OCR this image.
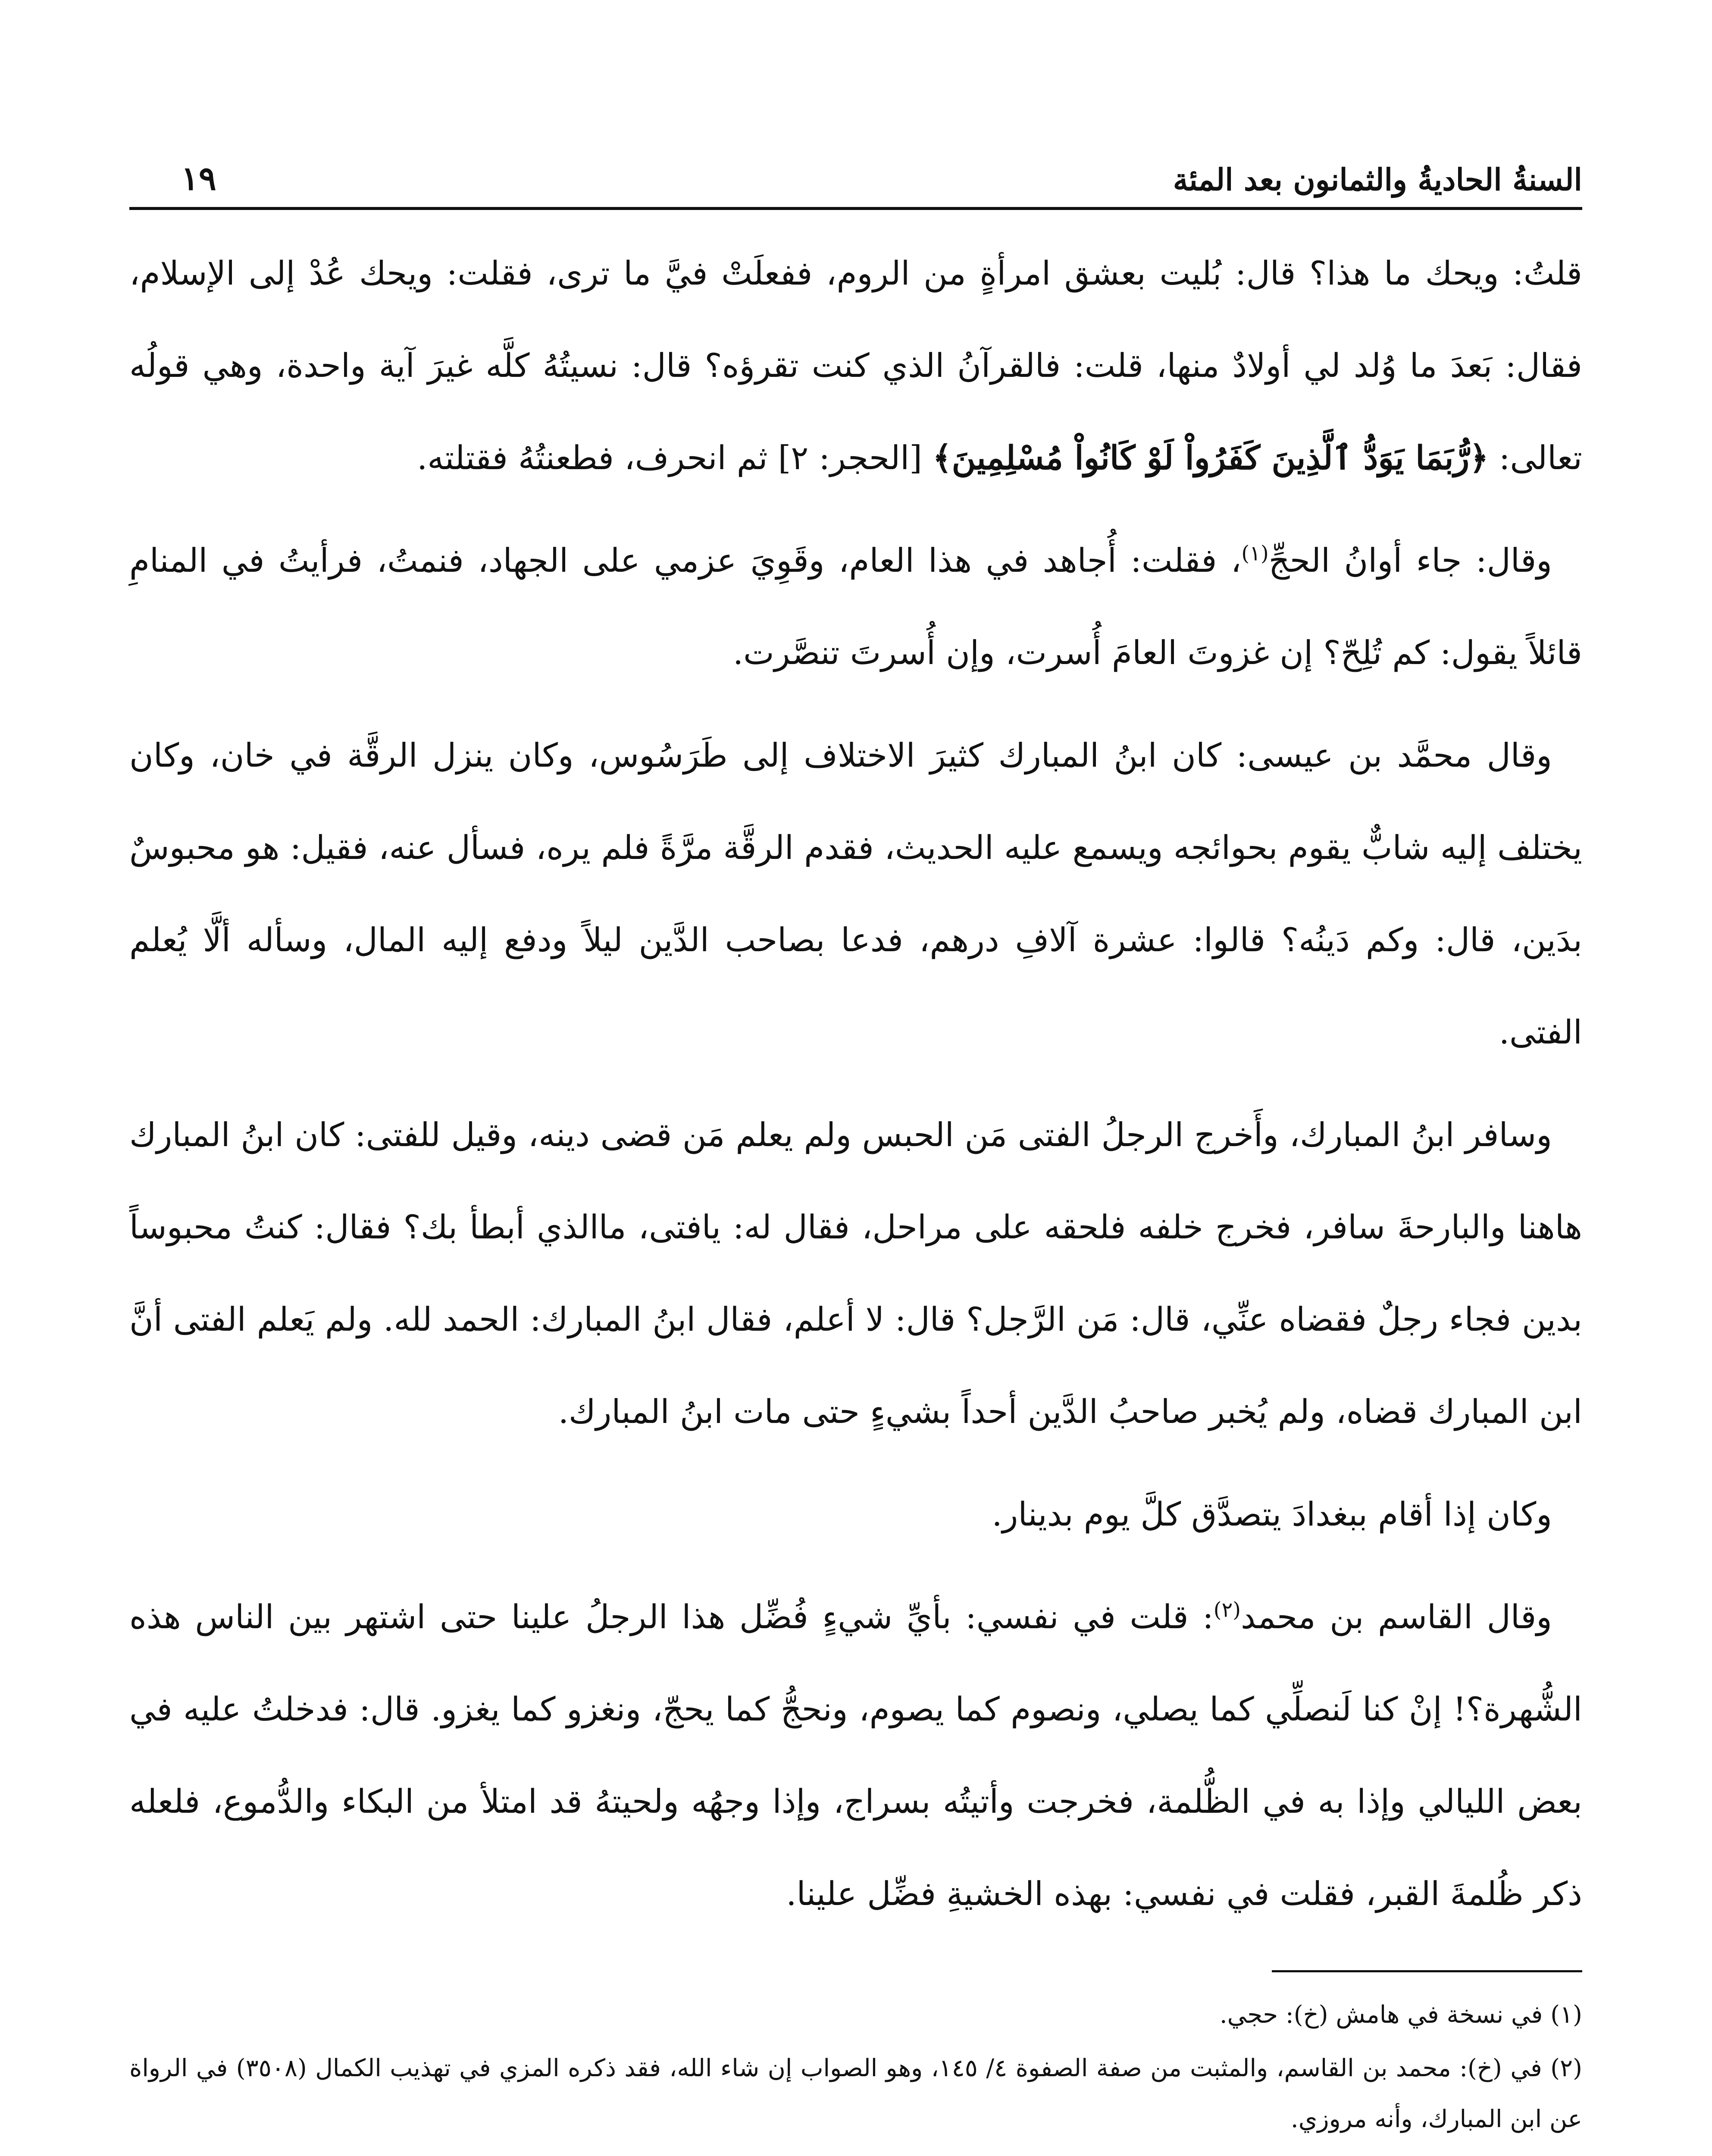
السنةُ الحاديةُ والثمانون بعد المئة
١٩

قلتُ: ويحك ما هذا؟ قال: بُليت بعشق امرأةٍ من الروم، ففعلَتْ فيَّ ما ترى، فقلت: ويحك عُدْ إلى الإسلام، فقال: بَعدَ ما وُلد لي أولادٌ منها، قلت: فالقرآنُ الذي كنت تقرؤه؟ قال: نسيتُهُ كلَّه غيرَ آية واحدة، وهي قولُه تعالى: ﴿رُّبَمَا يَوَدُّ ٱلَّذِينَ كَفَرُواْ لَوْ كَانُواْ مُسْلِمِينَ﴾ [الحجر: ٢] ثم انحرف، فطعنتُهُ فقتلته.

وقال: جاء أوانُ الحجِّ$^{(١)}$، فقلت: أُجاهد في هذا العام، وقَوِيَ عزمي على الجهاد، فنمتُ، فرأيتُ في المنامِ قائلاً يقول: كم تُلِحّ؟ إن غزوتَ العامَ أُسرت، وإن أُسرتَ تنصَّرت.

وقال محمَّد بن عيسى: كان ابنُ المبارك كثيرَ الاختلاف إلى طَرَسُوس، وكان ينزل الرقَّة في خان، وكان يختلف إليه شابٌّ يقوم بحوائجه ويسمع عليه الحديث، فقدم الرقَّة مرَّةً فلم يره، فسأل عنه، فقيل: هو محبوسٌ بدَين، قال: وكم دَينُه؟ قالوا: عشرة آلافِ درهم، فدعا بصاحب الدَّين ليلاً ودفع إليه المال، وسأله ألَّا يُعلم الفتى.

وسافر ابنُ المبارك، وأَخرج الرجلُ الفتى مَن الحبس ولم يعلم مَن قضى دينه، وقيل للفتى: كان ابنُ المبارك هاهنا والبارحةَ سافر، فخرج خلفه فلحقه على مراحل، فقال له: يافتى، ماالذي أبطأ بك؟ فقال: كنتُ محبوساً بدين فجاء رجلٌ فقضاه عنِّي، قال: مَن الرَّجل؟ قال: لا أعلم، فقال ابنُ المبارك: الحمد لله. ولم يَعلم الفتى أنَّ ابن المبارك قضاه، ولم يُخبر صاحبُ الدَّين أحداً بشيءٍ حتى مات ابنُ المبارك.

وكان إذا أقام ببغدادَ يتصدَّق كلَّ يوم بدينار.

وقال القاسم بن محمد$^{(٢)}$: قلت في نفسي: بأيِّ شيءٍ فُضِّل هذا الرجلُ علينا حتى اشتهر بين الناس هذه الشُّهرة؟! إنْ كنا لَنصلِّي كما يصلي، ونصوم كما يصوم، ونحجُّ كما يحجّ، ونغزو كما يغزو. قال: فدخلتُ عليه في بعض الليالي وإذا به في الظُّلمة، فخرجت وأتيتُه بسراج، وإذا وجهُه ولحيتهُ قد امتلأ من البكاء والدُّموع، فلعله ذكر ظُلمةَ القبر، فقلت في نفسي: بهذه الخشيةِ فضِّل علينا.

(١) في نسخة في هامش (خ): حجي.

(٢) في (خ): محمد بن القاسم، والمثبت من صفة الصفوة ٤/ ١٤٥، وهو الصواب إن شاء الله، فقد ذكره المزي في تهذيب الكمال (٣٥٠٨) في الرواة عن ابن المبارك، وأنه مروزي.
